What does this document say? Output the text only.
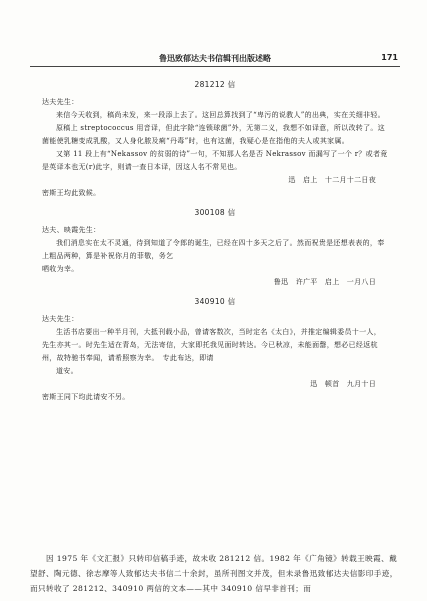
鲁迅致郁达夫书信辑刊出版述略	171

281212 信

达夫先生：

来信今天收到，稿尚未发，来一段添上去了。这回总算找到了“卑污的说教人”的出典，实在关细非轻。

原稿上 streptococcus 用音译，但此字除“连锁球菌”外，无第二义，我想不如译意，所以改转了。这菌能使乳糖变成乳酸，又人身化脓及痢“丹毒”时，也有这菌，我疑心是在指他的夫人或其家属。

又第 11 段上有“Nekassov 的贫弱的诗”一句，不知那人名是否 Nekrassov 而漏写了一个 r？或者竟是英译本也无(r)此字，则请一查日本译，因这人名不常见也。

迅　启上　十二月十二日夜

密斯王均此致候。

300108 信

达夫、映霞先生：

我们消息实在太不灵通，待到知道了令郎的诞生，已经在四十多天之后了。然而祝贵是还想表表的，奉上粗品两种，算是补祝你月的菲敬，务乞

哂收为幸。

鲁迅　许广平　启上　一月八日

340910 信

达夫先生：

生活书店要出一种半月刊，大抵刊载小品，曾请客数次，当时定名《太白》，并推定编辑委员十一人，先生亦其一。时先生适在青岛，无法寄信，大家即托我见面时转达。今已秋凉，未能面罄，想必已经返杭州，故特驰书奉闻，请希照察为幸。　专此布达，即请

道安。

迅　顿首　九月十日

密斯王同下均此请安不另。

因 1975 年《文汇报》只转印信稿手迹，故未收 281212 信。1982 年《广角镜》转载王映霞、戴望舒、陶元德、徐志摩等人致郁达夫书信二十余封，虽所刊图文并茂，但未录鲁迅致郁达夫信影印手迹，而只转收了 281212、340910 两信的文本——其中 340910 信早非首刊；而
